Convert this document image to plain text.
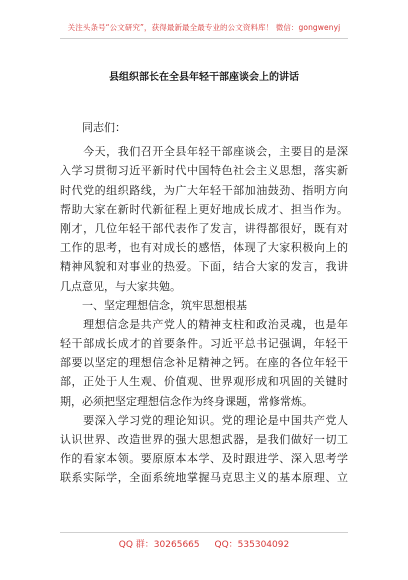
关注头条号“公文研究”，获得最新最全最专业的公文资料库！ 微信：gongwenyj
县组织部长在全县年轻干部座谈会上的讲话
同志们：
　　今天，我们召开全县年轻干部座谈会，主要目的是深
入学习贯彻习近平新时代中国特色社会主义思想，落实新
时代党的组织路线，为广大年轻干部加油鼓劲、指明方向
帮助大家在新时代新征程上更好地成长成才、担当作为。
刚才，几位年轻干部代表作了发言，讲得都很好，既有对
工作的思考，也有对成长的感悟，体现了大家积极向上的
精神风貌和对事业的热爱。下面，结合大家的发言，我讲
几点意见，与大家共勉。
　　一、坚定理想信念，筑牢思想根基
　　理想信念是共产党人的精神支柱和政治灵魂，也是年
轻干部成长成才的首要条件。习近平总书记强调，年轻干
部要以坚定的理想信念补足精神之钙。在座的各位年轻干
部，正处于人生观、价值观、世界观形成和巩固的关键时
期，必须把坚定理想信念作为终身课题，常修常炼。
　　要深入学习党的理论知识。党的理论是中国共产党人
认识世界、改造世界的强大思想武器，是我们做好一切工
作的看家本领。要原原本本学、及时跟进学、深入思考学
联系实际学，全面系统地掌握马克思主义的基本原理、立
QQ 群：30265665 QQ：535304092
